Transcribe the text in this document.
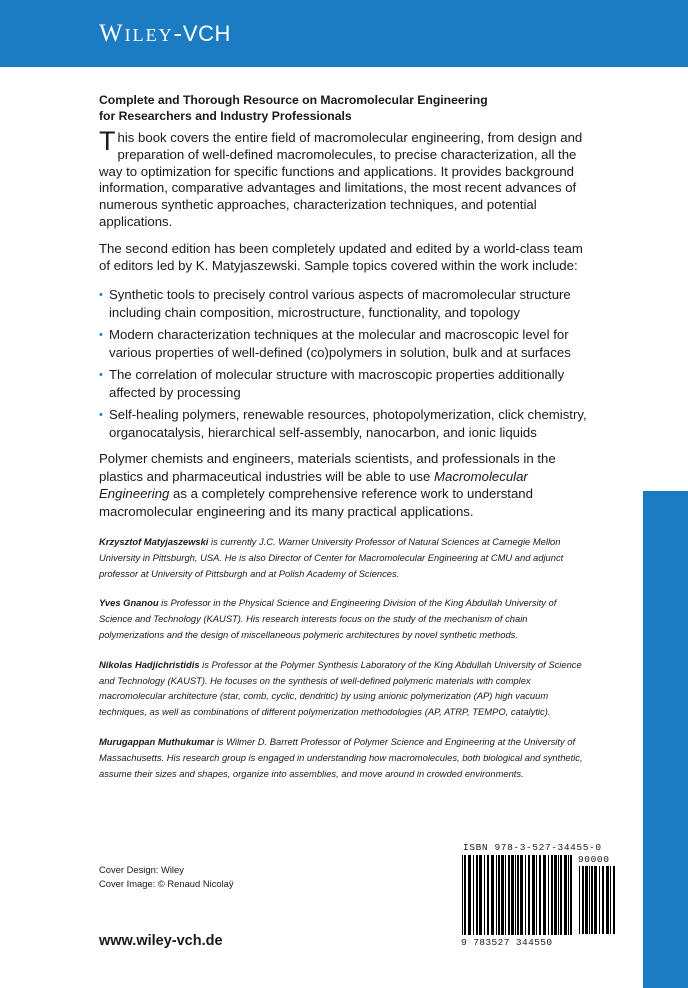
Wiley-VCH

Complete and Thorough Resource on Macromolecular Engineering
for Researchers and Industry Professionals

This book covers the entire field of macromolecular engineering, from design and preparation of well-defined macromolecules, to precise characterization, all the way to optimization for specific functions and applications. It provides background information, comparative advantages and limitations, the most recent advances of numerous synthetic approaches, characterization techniques, and potential applications.

The second edition has been completely updated and edited by a world-class team of editors led by K. Matyjaszewski. Sample topics covered within the work include:

• Synthetic tools to precisely control various aspects of macromolecular structure including chain composition, microstructure, functionality, and topology
• Modern characterization techniques at the molecular and macroscopic level for various properties of well-defined (co)polymers in solution, bulk and at surfaces
• The correlation of molecular structure with macroscopic properties additionally affected by processing
• Self-healing polymers, renewable resources, photopolymerization, click chemistry, organocatalysis, hierarchical self-assembly, nanocarbon, and ionic liquids

Polymer chemists and engineers, materials scientists, and professionals in the plastics and pharmaceutical industries will be able to use Macromolecular Engineering as a completely comprehensive reference work to understand macromolecular engineering and its many practical applications.

Krzysztof Matyjaszewski is currently J.C. Warner University Professor of Natural Sciences at Carnegie Mellon University in Pittsburgh, USA. He is also Director of Center for Macromolecular Engineering at CMU and adjunct professor at University of Pittsburgh and at Polish Academy of Sciences.

Yves Gnanou is Professor in the Physical Science and Engineering Division of the King Abdullah University of Science and Technology (KAUST). His research interests focus on the study of the mechanism of chain polymerizations and the design of miscellaneous polymeric architectures by novel synthetic methods.

Nikolas Hadjichristidis is Professor at the Polymer Synthesis Laboratory of the King Abdullah University of Science and Technology (KAUST). He focuses on the synthesis of well-defined polymeric materials with complex macromolecular architecture (star, comb, cyclic, dendritic) by using anionic polymerization (AP) high vacuum techniques, as well as combinations of different polymerization methodologies (AP, ATRP, TEMPO, catalytic).

Murugappan Muthukumar is Wilmer D. Barrett Professor of Polymer Science and Engineering at the University of Massachusetts. His research group is engaged in understanding how macromolecules, both biological and synthetic, assume their sizes and shapes, organize into assemblies, and move around in crowded environments.

Cover Design: Wiley
Cover Image: © Renaud Nicolaÿ
www.wiley-vch.de
ISBN 978-3-527-34455-0
90000
9 783527 344550
